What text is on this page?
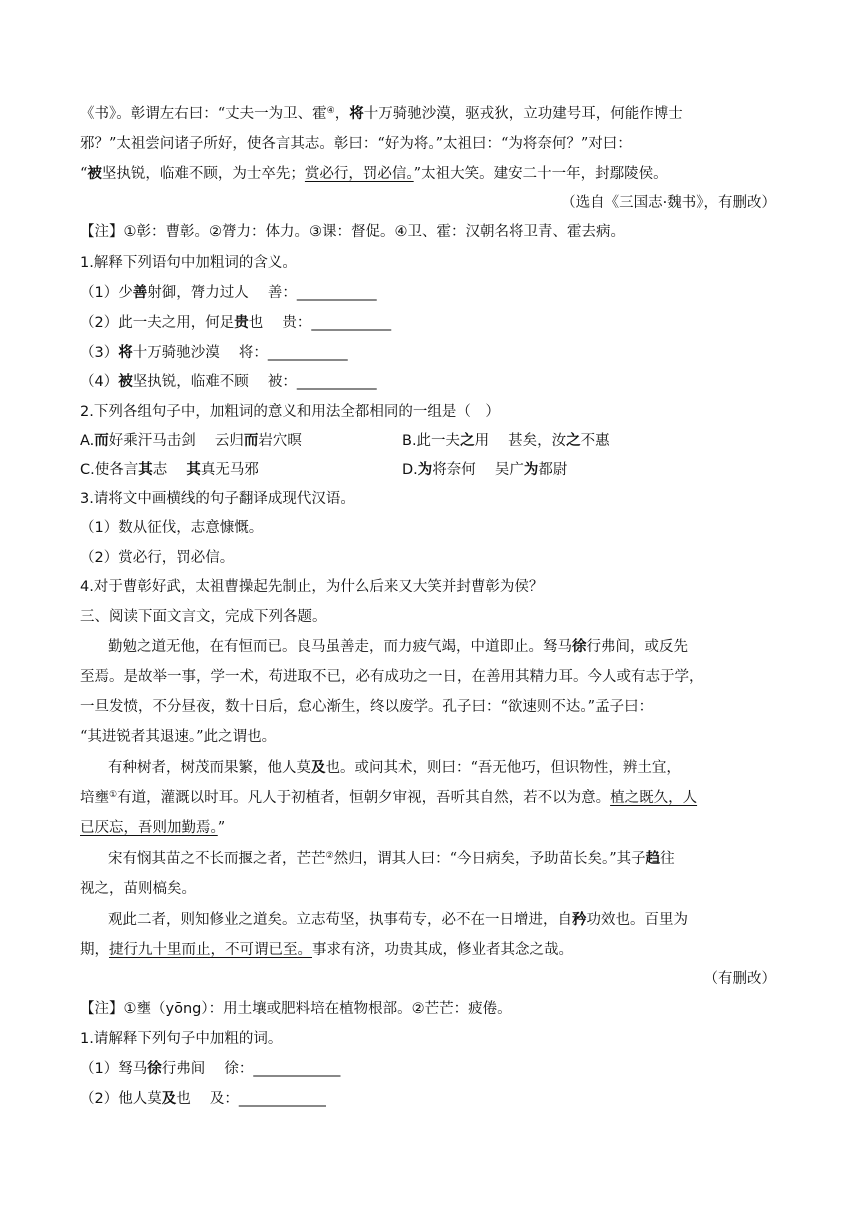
《书》。彰谓左右曰：“丈夫一为卫、霍④，将十万骑驰沙漠，驱戎狄，立功建号耳，何能作博士
邪？”太祖尝问诸子所好，使各言其志。彰曰：“好为将。”太祖曰：“为将奈何？”对曰：
“被坚执锐，临难不顾，为士卒先；赏必行，罚必信。”太祖大笑。建安二十一年，封鄢陵侯。
（选自《三国志·魏书》，有删改）
【注】①彰：曹彰。②膂力：体力。③课：督促。④卫、霍：汉朝名将卫青、霍去病。
1.解释下列语句中加粗词的含义。
（1）少善射御，膂力过人　 善：___________
（2）此一夫之用，何足贵也　 贵：___________
（3）将十万骑驰沙漠　 将：___________
（4）被坚执锐，临难不顾　 被：___________
2.下列各组句子中，加粗词的意义和用法全都相同的一组是（　）
A.而好乘汗马击剑　 云归而岩穴暝	B.此一夫之用　 甚矣，汝之不惠
C.使各言其志　 其真无马邪	D.为将奈何　 吴广为都尉
3.请将文中画横线的句子翻译成现代汉语。
（1）数从征伐，志意慷慨。
（2）赏必行，罚必信。
4.对于曹彰好武，太祖曹操起先制止，为什么后来又大笑并封曹彰为侯？
三、阅读下面文言文，完成下列各题。
勤勉之道无他，在有恒而已。良马虽善走，而力疲气竭，中道即止。驽马徐行弗间，或反先
至焉。是故举一事，学一术，苟进取不已，必有成功之一日，在善用其精力耳。今人或有志于学，
一旦发愤，不分昼夜，数十日后，怠心渐生，终以废学。孔子曰：“欲速则不达。”孟子曰：
“其进锐者其退速。”此之谓也。
有种树者，树茂而果繁，他人莫及也。或问其术，则曰：“吾无他巧，但识物性，辨土宜，
培壅①有道，灌溉以时耳。凡人于初植者，恒朝夕审视，吾听其自然，若不以为意。植之既久，人
已厌忘，吾则加勤焉。”
宋有悯其苗之不长而揠之者，芒芒②然归，谓其人曰：“今日病矣，予助苗长矣。”其子趋往
视之，苗则槁矣。
观此二者，则知修业之道矣。立志苟坚，执事苟专，必不在一日增进，自矜功效也。百里为
期，捷行九十里而止，不可谓已至。事求有济，功贵其成，修业者其念之哉。
（有删改）
【注】①壅（yōng）：用土壤或肥料培在植物根部。②芒芒：疲倦。
1.请解释下列句子中加粗的词。
（1）驽马徐行弗间　 徐：____________
（2）他人莫及也　 及：____________
